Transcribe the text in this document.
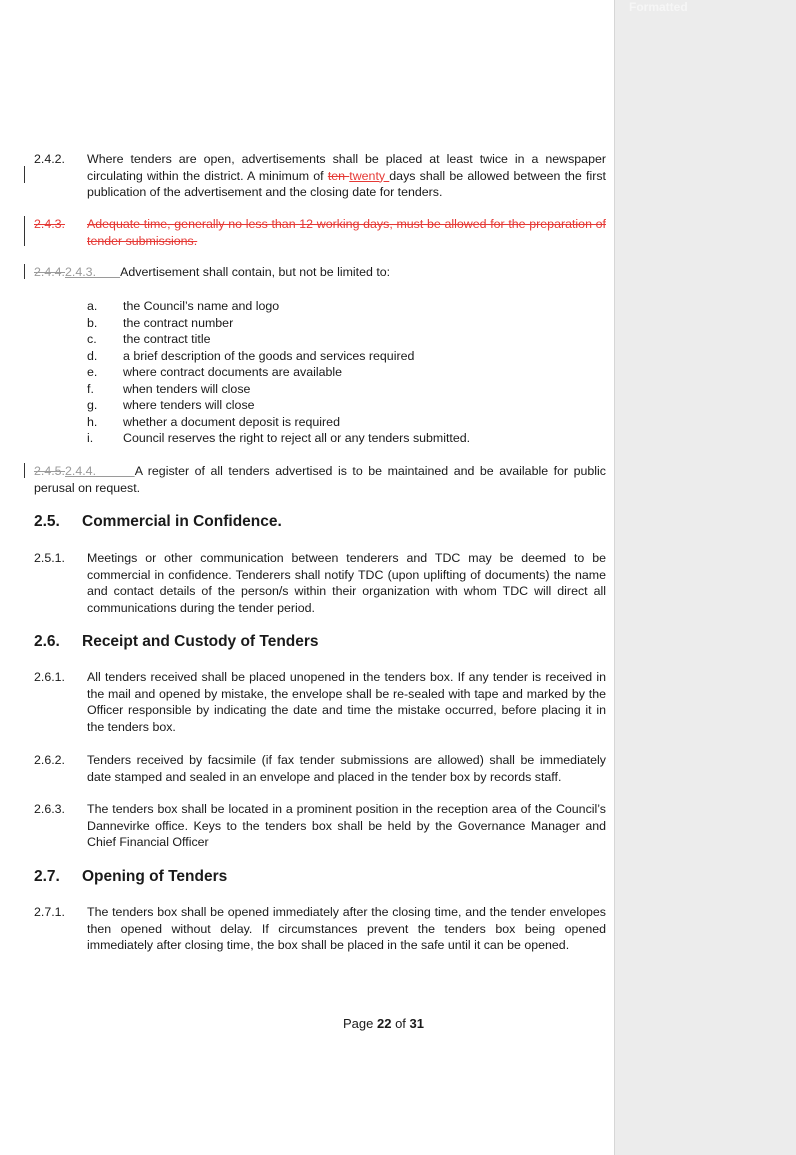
Formatted
2.4.2. Where tenders are open, advertisements shall be placed at least twice in a newspaper circulating within the district. A minimum of ten twenty days shall be allowed between the first publication of the advertisement and the closing date for tenders.
2.4.3. Adequate time, generally no less than 12 working days, must be allowed for the preparation of tender submissions.
2.4.4.2.4.3. Advertisement shall contain, but not be limited to:
a.	the Council’s name and logo
b.	the contract number
c.	the contract title
d.	a brief description of the goods and services required
e.	where contract documents are available
f.	when tenders will close
g.	where tenders will close
h.	whether a document deposit is required
i.	Council reserves the right to reject all or any tenders submitted.
2.4.5.2.4.4.	A register of all tenders advertised is to be maintained and be available for public perusal on request.
2.5. Commercial in Confidence.
2.5.1. Meetings or other communication between tenderers and TDC may be deemed to be commercial in confidence. Tenderers shall notify TDC (upon uplifting of documents) the name and contact details of the person/s within their organization with whom TDC will direct all communications during the tender period.
2.6. Receipt and Custody of Tenders
2.6.1. All tenders received shall be placed unopened in the tenders box. If any tender is received in the mail and opened by mistake, the envelope shall be re-sealed with tape and marked by the Officer responsible by indicating the date and time the mistake occurred, before placing it in the tenders box.
2.6.2. Tenders received by facsimile (if fax tender submissions are allowed) shall be immediately date stamped and sealed in an envelope and placed in the tender box by records staff.
2.6.3. The tenders box shall be located in a prominent position in the reception area of the Council’s Dannevirke office. Keys to the tenders box shall be held by the Governance Manager and Chief Financial Officer
2.7. Opening of Tenders
2.7.1. The tenders box shall be opened immediately after the closing time, and the tender envelopes then opened without delay. If circumstances prevent the tenders box being opened immediately after closing time, the box shall be placed in the safe until it can be opened.
Page 22 of 31
